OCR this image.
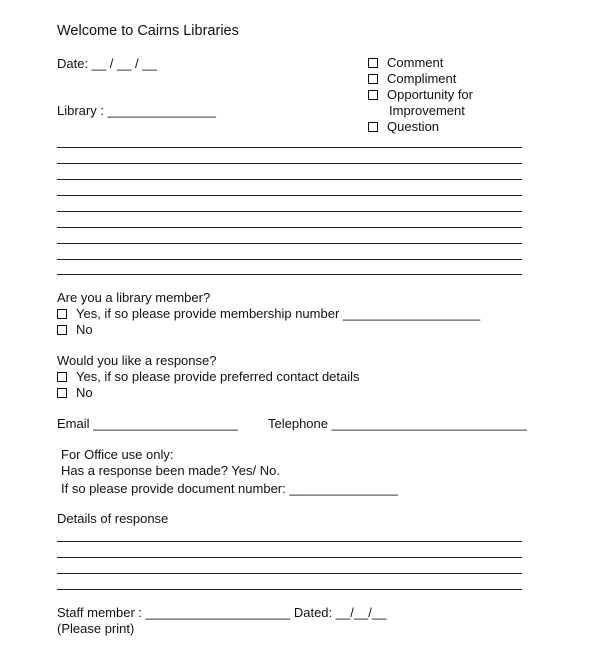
Welcome to Cairns Libraries
Date: __ / __ / __
Library : _______________
Comment
Compliment
Opportunity for
Improvement
Question
Are you a library member?
Yes, if so please provide membership number ___________________
No
Would you like a response?
Yes, if so please provide preferred contact details
No
Email ____________________ Telephone ___________________________
For Office use only:
Has a response been made? Yes/ No.
If so please provide document number: _______________
Details of response
Staff member : ____________________ Dated: __/__/__
(Please print)
